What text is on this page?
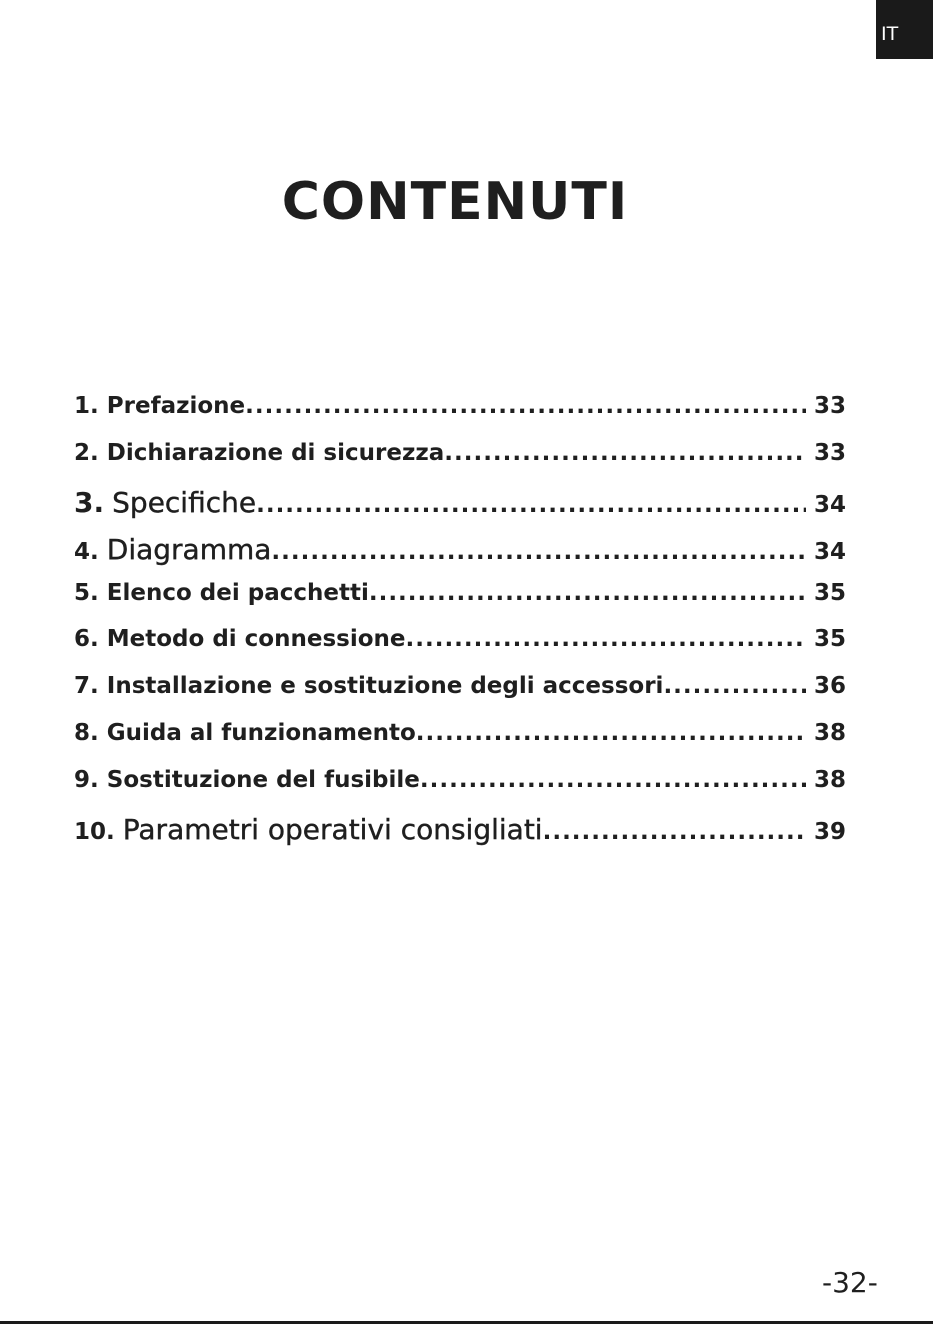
IT
CONTENUTI
1. Prefazione .....	33
2. Dichiarazione di sicurezza .....	33
3. Specifiche .....	34
4. Diagramma .....	34
5. Elenco dei pacchetti .....	35
6. Metodo di connessione .....	35
7. Installazione e sostituzione degli accessori .....	36
8. Guida al funzionamento .....	38
9. Sostituzione del fusibile .....	38
10. Parametri operativi consigliati .....	39
-32-
